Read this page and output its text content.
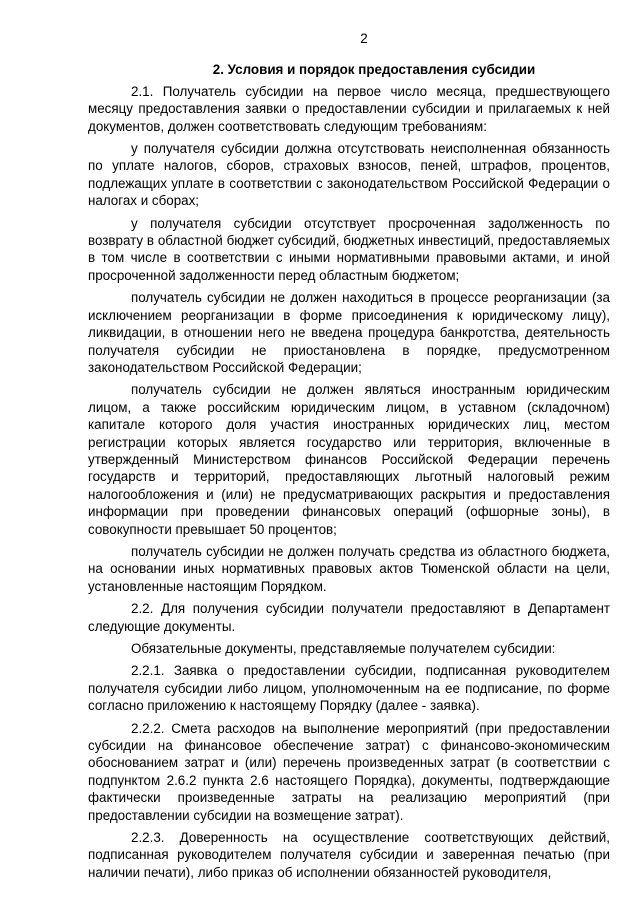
2
2. Условия и порядок предоставления субсидии

2.1. Получатель субсидии на первое число месяца, предшествующего месяцу предоставления заявки о предоставлении субсидии и прилагаемых к ней документов, должен соответствовать следующим требованиям:

у получателя субсидии должна отсутствовать неисполненная обязанность по уплате налогов, сборов, страховых взносов, пеней, штрафов, процентов, подлежащих уплате в соответствии с законодательством Российской Федерации о налогах и сборах;

у получателя субсидии отсутствует просроченная задолженность по возврату в областной бюджет субсидий, бюджетных инвестиций, предоставляемых в том числе в соответствии с иными нормативными правовыми актами, и иной просроченной задолженности перед областным бюджетом;

получатель субсидии не должен находиться в процессе реорганизации (за исключением реорганизации в форме присоединения к юридическому лицу), ликвидации, в отношении него не введена процедура банкротства, деятельность получателя субсидии не приостановлена в порядке, предусмотренном законодательством Российской Федерации;

получатель субсидии не должен являться иностранным юридическим лицом, а также российским юридическим лицом, в уставном (складочном) капитале которого доля участия иностранных юридических лиц, местом регистрации которых является государство или территория, включенные в утвержденный Министерством финансов Российской Федерации перечень государств и территорий, предоставляющих льготный налоговый режим налогообложения и (или) не предусматривающих раскрытия и предоставления информации при проведении финансовых операций (офшорные зоны), в совокупности превышает 50 процентов;

получатель субсидии не должен получать средства из областного бюджета, на основании иных нормативных правовых актов Тюменской области на цели, установленные настоящим Порядком.

2.2. Для получения субсидии получатели предоставляют в Департамент следующие документы.

Обязательные документы, представляемые получателем субсидии:

2.2.1. Заявка о предоставлении субсидии, подписанная руководителем получателя субсидии либо лицом, уполномоченным на ее подписание, по форме согласно приложению к настоящему Порядку (далее - заявка).

2.2.2. Смета расходов на выполнение мероприятий (при предоставлении субсидии на финансовое обеспечение затрат) с финансово-экономическим обоснованием затрат и (или) перечень произведенных затрат (в соответствии с подпунктом 2.6.2 пункта 2.6 настоящего Порядка), документы, подтверждающие фактически произведенные затраты на реализацию мероприятий (при предоставлении субсидии на возмещение затрат).

2.2.3. Доверенность на осуществление соответствующих действий, подписанная руководителем получателя субсидии и заверенная печатью (при наличии печати), либо приказ об исполнении обязанностей руководителя,
